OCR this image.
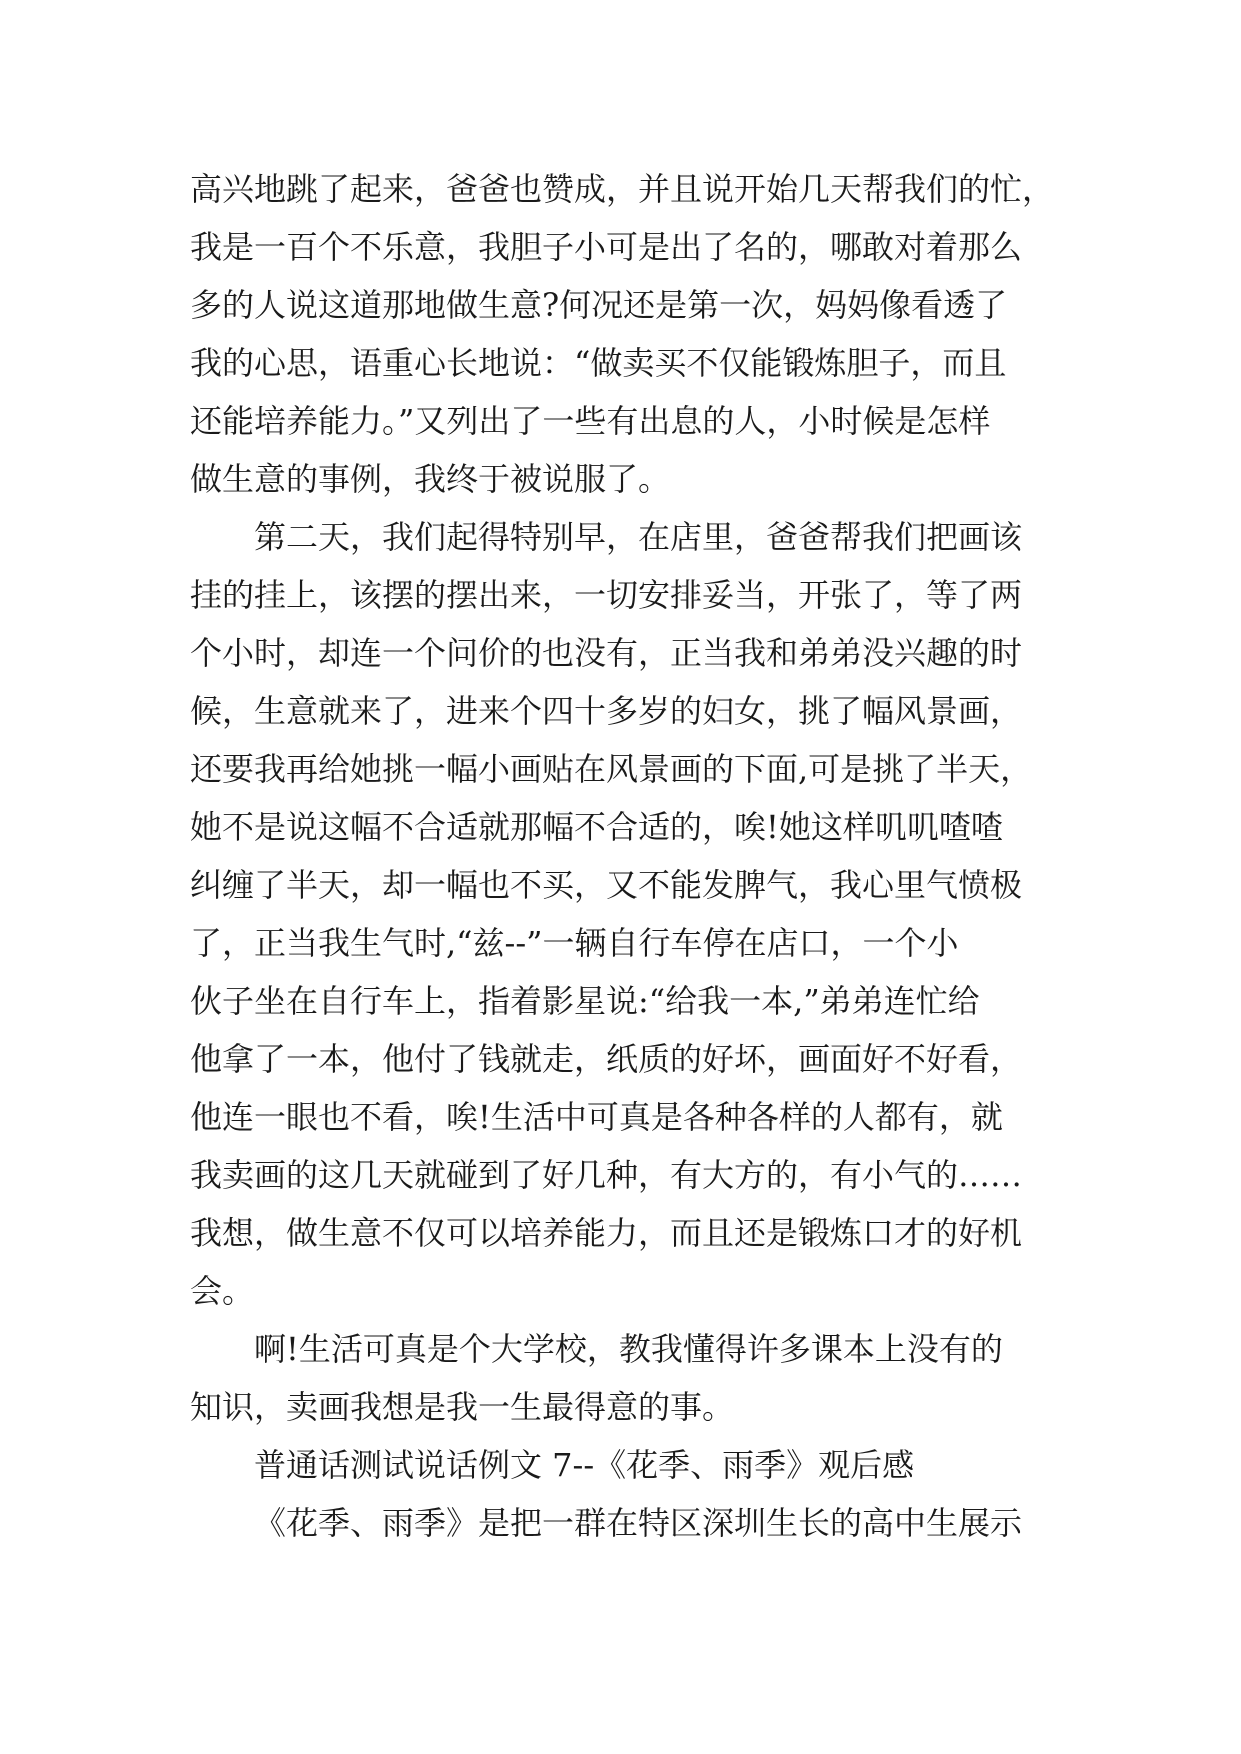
高兴地跳了起来，爸爸也赞成，并且说开始几天帮我们的忙，
我是一百个不乐意，我胆子小可是出了名的，哪敢对着那么
多的人说这道那地做生意?何况还是第一次，妈妈像看透了
我的心思，语重心长地说：“做卖买不仅能锻炼胆子，而且
还能培养能力。”又列出了一些有出息的人，小时候是怎样
做生意的事例，我终于被说服了。
第二天，我们起得特别早，在店里，爸爸帮我们把画该
挂的挂上，该摆的摆出来，一切安排妥当，开张了，等了两
个小时，却连一个问价的也没有，正当我和弟弟没兴趣的时
候，生意就来了，进来个四十多岁的妇女，挑了幅风景画，
还要我再给她挑一幅小画贴在风景画的下面,可是挑了半天，
她不是说这幅不合适就那幅不合适的，唉!她这样叽叽喳喳
纠缠了半天，却一幅也不买，又不能发脾气，我心里气愤极
了，正当我生气时,“兹--”一辆自行车停在店口，一个小
伙子坐在自行车上，指着影星说:“给我一本,”弟弟连忙给
他拿了一本，他付了钱就走，纸质的好坏，画面好不好看，
他连一眼也不看，唉!生活中可真是各种各样的人都有，就
我卖画的这几天就碰到了好几种，有大方的，有小气的……
我想，做生意不仅可以培养能力，而且还是锻炼口才的好机
会。
啊!生活可真是个大学校，教我懂得许多课本上没有的
知识，卖画我想是我一生最得意的事。
普通话测试说话例文 7--《花季、雨季》观后感
《花季、雨季》是把一群在特区深圳生长的高中生展示
